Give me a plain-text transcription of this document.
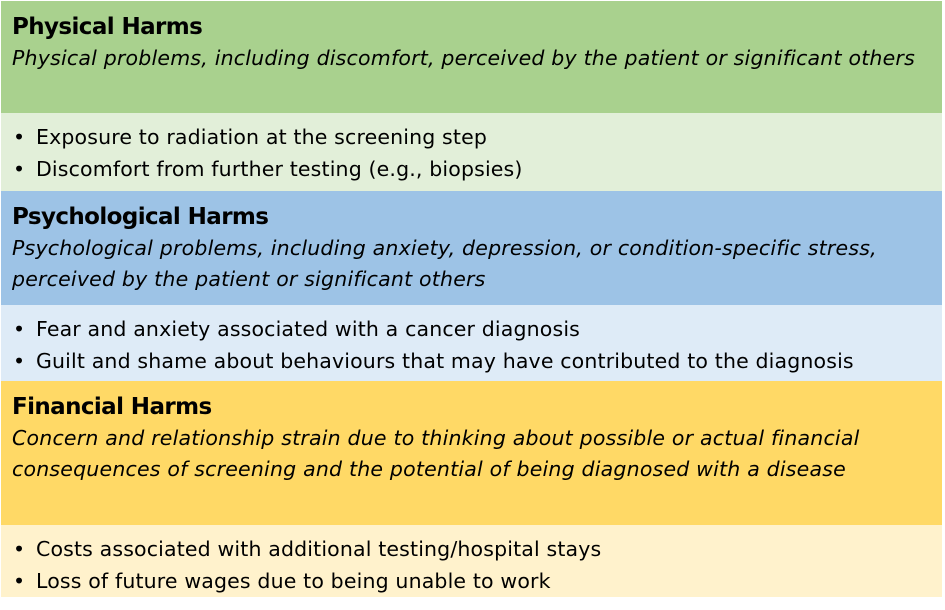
Physical Harms
Physical problems, including discomfort, perceived by the patient or significant others
• Exposure to radiation at the screening step
• Discomfort from further testing (e.g., biopsies)
Psychological Harms
Psychological problems, including anxiety, depression, or condition-specific stress, perceived by the patient or significant others
• Fear and anxiety associated with a cancer diagnosis
• Guilt and shame about behaviours that may have contributed to the diagnosis
Financial Harms
Concern and relationship strain due to thinking about possible or actual financial consequences of screening and the potential of being diagnosed with a disease
• Costs associated with additional testing/hospital stays
• Loss of future wages due to being unable to work
